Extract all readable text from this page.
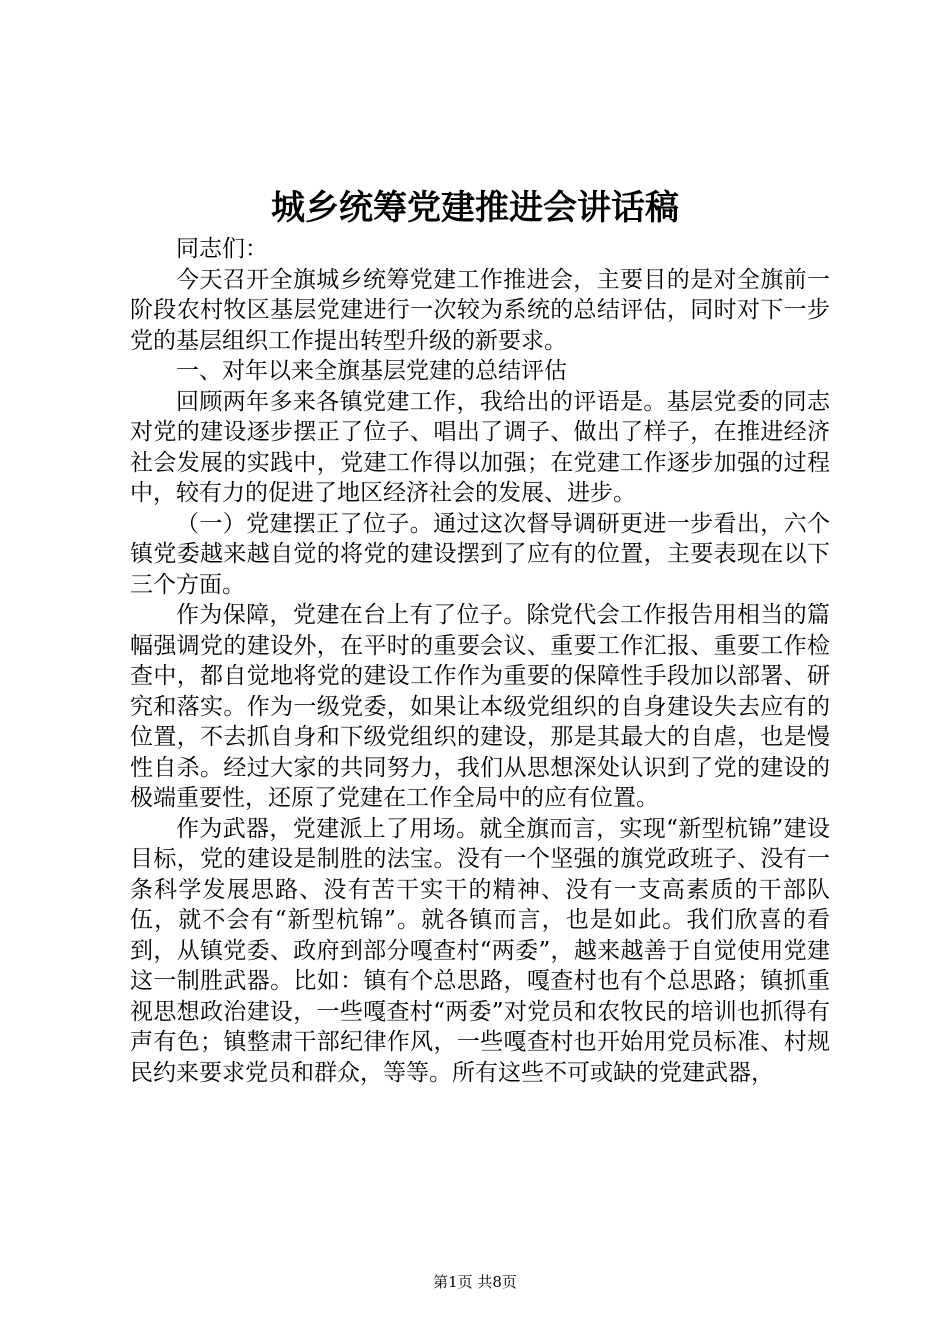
城乡统筹党建推进会讲话稿

同志们：

今天召开全旗城乡统筹党建工作推进会，主要目的是对全旗前一阶段农村牧区基层党建进行一次较为系统的总结评估，同时对下一步党的基层组织工作提出转型升级的新要求。

一、对年以来全旗基层党建的总结评估

回顾两年多来各镇党建工作，我给出的评语是。基层党委的同志对党的建设逐步摆正了位子、唱出了调子、做出了样子，在推进经济社会发展的实践中，党建工作得以加强；在党建工作逐步加强的过程中，较有力的促进了地区经济社会的发展、进步。

（一）党建摆正了位子。通过这次督导调研更进一步看出，六个镇党委越来越自觉的将党的建设摆到了应有的位置，主要表现在以下三个方面。

作为保障，党建在台上有了位子。除党代会工作报告用相当的篇幅强调党的建设外，在平时的重要会议、重要工作汇报、重要工作检查中，都自觉地将党的建设工作作为重要的保障性手段加以部署、研究和落实。作为一级党委，如果让本级党组织的自身建设失去应有的位置，不去抓自身和下级党组织的建设，那是其最大的自虐，也是慢性自杀。经过大家的共同努力，我们从思想深处认识到了党的建设的极端重要性，还原了党建在工作全局中的应有位置。

作为武器，党建派上了用场。就全旗而言，实现“新型杭锦”建设目标，党的建设是制胜的法宝。没有一个坚强的旗党政班子、没有一条科学发展思路、没有苦干实干的精神、没有一支高素质的干部队伍，就不会有“新型杭锦”。就各镇而言，也是如此。我们欣喜的看到，从镇党委、政府到部分嘎查村“两委”，越来越善于自觉使用党建这一制胜武器。比如：镇有个总思路，嘎查村也有个总思路；镇抓重视思想政治建设，一些嘎查村“两委”对党员和农牧民的培训也抓得有声有色；镇整肃干部纪律作风，一些嘎查村也开始用党员标准、村规民约来要求党员和群众，等等。所有这些不可或缺的党建武器，

第1页 共8页
